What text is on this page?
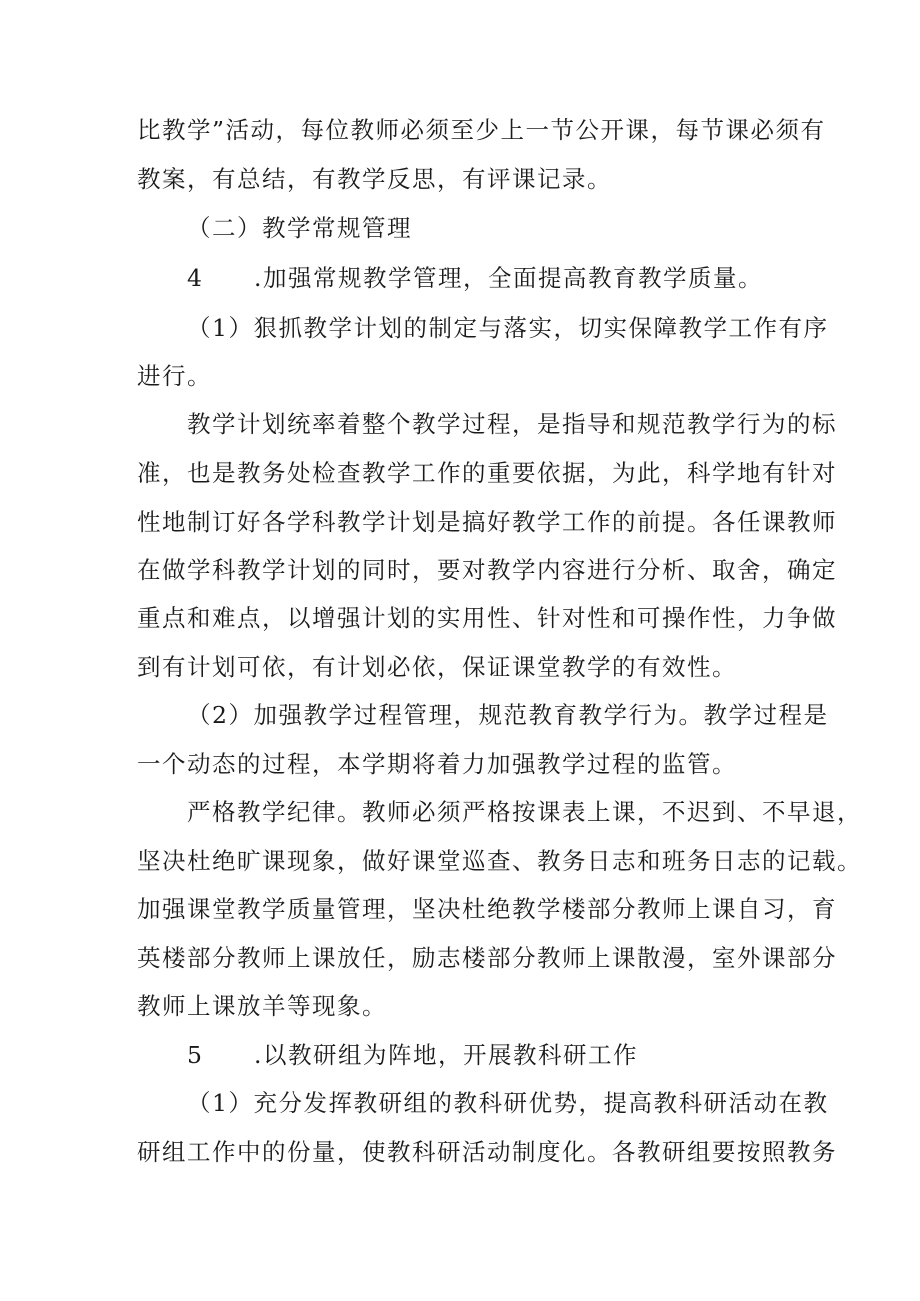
比教学”活动，每位教师必须至少上一节公开课，每节课必须有
教案，有总结，有教学反思，有评课记录。
（二）教学常规管理
4 .加强常规教学管理，全面提高教育教学质量。
（1）狠抓教学计划的制定与落实，切实保障教学工作有序
进行。
教学计划统率着整个教学过程，是指导和规范教学行为的标
准，也是教务处检查教学工作的重要依据，为此，科学地有针对
性地制订好各学科教学计划是搞好教学工作的前提。各任课教师
在做学科教学计划的同时，要对教学内容进行分析、取舍，确定
重点和难点，以增强计划的实用性、针对性和可操作性，力争做
到有计划可依，有计划必依，保证课堂教学的有效性。
（2）加强教学过程管理，规范教育教学行为。教学过程是
一个动态的过程，本学期将着力加强教学过程的监管。
严格教学纪律。教师必须严格按课表上课，不迟到、不早退，
坚决杜绝旷课现象，做好课堂巡查、教务日志和班务日志的记载。
加强课堂教学质量管理，坚决杜绝教学楼部分教师上课自习，育
英楼部分教师上课放任，励志楼部分教师上课散漫，室外课部分
教师上课放羊等现象。
5 .以教研组为阵地，开展教科研工作
（1）充分发挥教研组的教科研优势，提高教科研活动在教
研组工作中的份量，使教科研活动制度化。各教研组要按照教务
